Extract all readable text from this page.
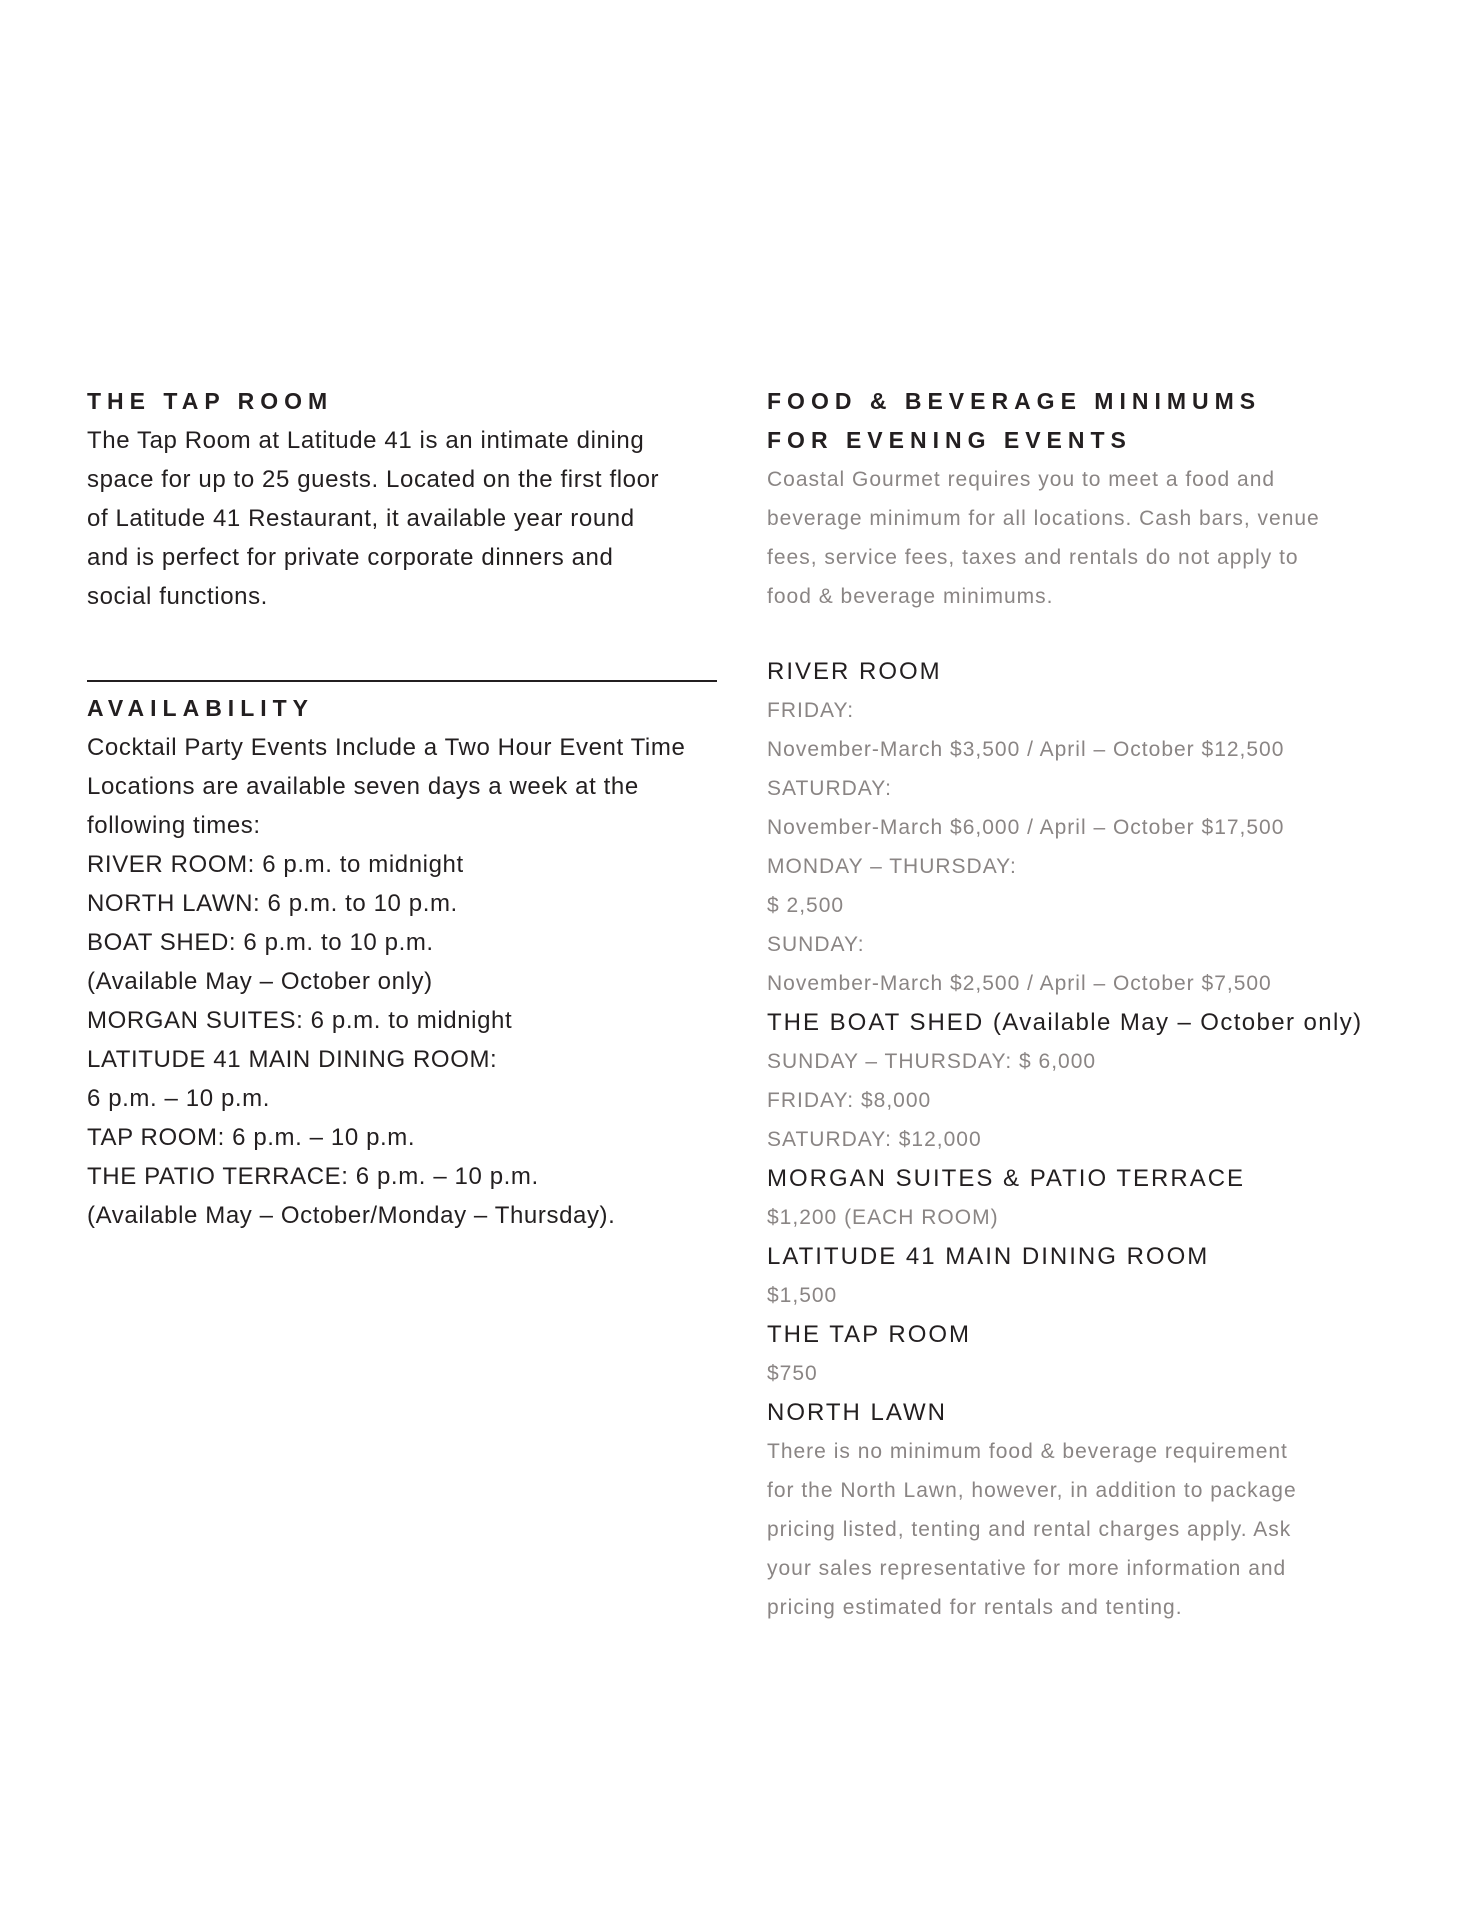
THE TAP ROOM

The Tap Room at Latitude 41 is an intimate dining
space for up to 25 guests. Located on the first floor
of Latitude 41 Restaurant, it available year round
and is perfect for private corporate dinners and
social functions.

AVAILABILITY

Cocktail Party Events Include a Two Hour Event Time
Locations are available seven days a week at the
following times:
RIVER ROOM: 6 p.m. to midnight
NORTH LAWN: 6 p.m. to 10 p.m.
BOAT SHED: 6 p.m. to 10 p.m.
(Available May – October only)
MORGAN SUITES: 6 p.m. to midnight
LATITUDE 41 MAIN DINING ROOM:
6 p.m. – 10 p.m.
TAP ROOM: 6 p.m. – 10 p.m.
THE PATIO TERRACE: 6 p.m. – 10 p.m.
(Available May – October/Monday – Thursday).

FOOD & BEVERAGE MINIMUMS
FOR EVENING EVENTS

Coastal Gourmet requires you to meet a food and
beverage minimum for all locations. Cash bars, venue
fees, service fees, taxes and rentals do not apply to
food & beverage minimums.

RIVER ROOM

FRIDAY:
November-March $3,500 / April – October $12,500
SATURDAY:
November-March $6,000 / April – October $17,500
MONDAY – THURSDAY:
$ 2,500
SUNDAY:
November-March $2,500 / April – October $7,500

THE BOAT SHED (Available May – October only)

SUNDAY – THURSDAY: $ 6,000
FRIDAY: $8,000
SATURDAY: $12,000

MORGAN SUITES & PATIO TERRACE

$1,200 (EACH ROOM)

LATITUDE 41 MAIN DINING ROOM

$1,500

THE TAP ROOM

$750

NORTH LAWN

There is no minimum food & beverage requirement
for the North Lawn, however, in addition to package
pricing listed, tenting and rental charges apply. Ask
your sales representative for more information and
pricing estimated for rentals and tenting.
